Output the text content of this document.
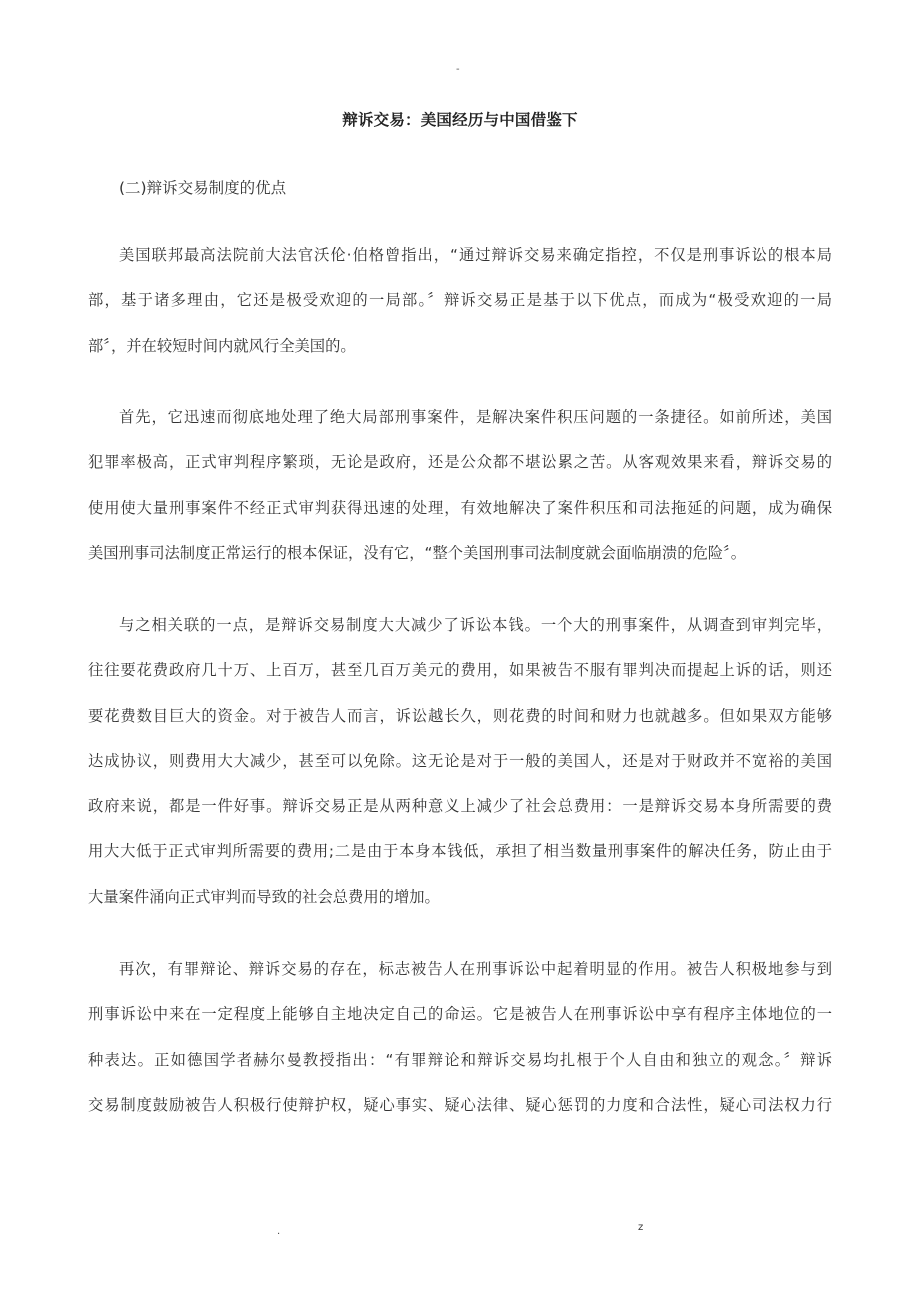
-
辩诉交易：美国经历与中国借鉴下
(二)辩诉交易制度的优点
美国联邦最高法院前大法官沃伦·伯格曾指出，“通过辩诉交易来确定指控，不仅是刑事诉讼的根本局
部，基于诸多理由，它还是极受欢迎的一局部。〞辩诉交易正是基于以下优点，而成为“极受欢迎的一局
部〞，并在较短时间内就风行全美国的。
首先，它迅速而彻底地处理了绝大局部刑事案件，是解决案件积压问题的一条捷径。如前所述，美国
犯罪率极高，正式审判程序繁琐，无论是政府，还是公众都不堪讼累之苦。从客观效果来看，辩诉交易的
使用使大量刑事案件不经正式审判获得迅速的处理，有效地解决了案件积压和司法拖延的问题，成为确保
美国刑事司法制度正常运行的根本保证，没有它，“整个美国刑事司法制度就会面临崩溃的危险〞。
与之相关联的一点，是辩诉交易制度大大减少了诉讼本钱。一个大的刑事案件，从调查到审判完毕，
往往要花费政府几十万、上百万，甚至几百万美元的费用，如果被告不服有罪判决而提起上诉的话，则还
要花费数目巨大的资金。对于被告人而言，诉讼越长久，则花费的时间和财力也就越多。但如果双方能够
达成协议，则费用大大减少，甚至可以免除。这无论是对于一般的美国人，还是对于财政并不宽裕的美国
政府来说，都是一件好事。辩诉交易正是从两种意义上减少了社会总费用：一是辩诉交易本身所需要的费
用大大低于正式审判所需要的费用;二是由于本身本钱低，承担了相当数量刑事案件的解决任务，防止由于
大量案件涌向正式审判而导致的社会总费用的增加。
再次，有罪辩论、辩诉交易的存在，标志被告人在刑事诉讼中起着明显的作用。被告人积极地参与到
刑事诉讼中来在一定程度上能够自主地决定自己的命运。它是被告人在刑事诉讼中享有程序主体地位的一
种表达。正如德国学者赫尔曼教授指出：“有罪辩论和辩诉交易均扎根于个人自由和独立的观念。〞辩诉
交易制度鼓励被告人积极行使辩护权，疑心事实、疑心法律、疑心惩罚的力度和合法性，疑心司法权力行
.	z
